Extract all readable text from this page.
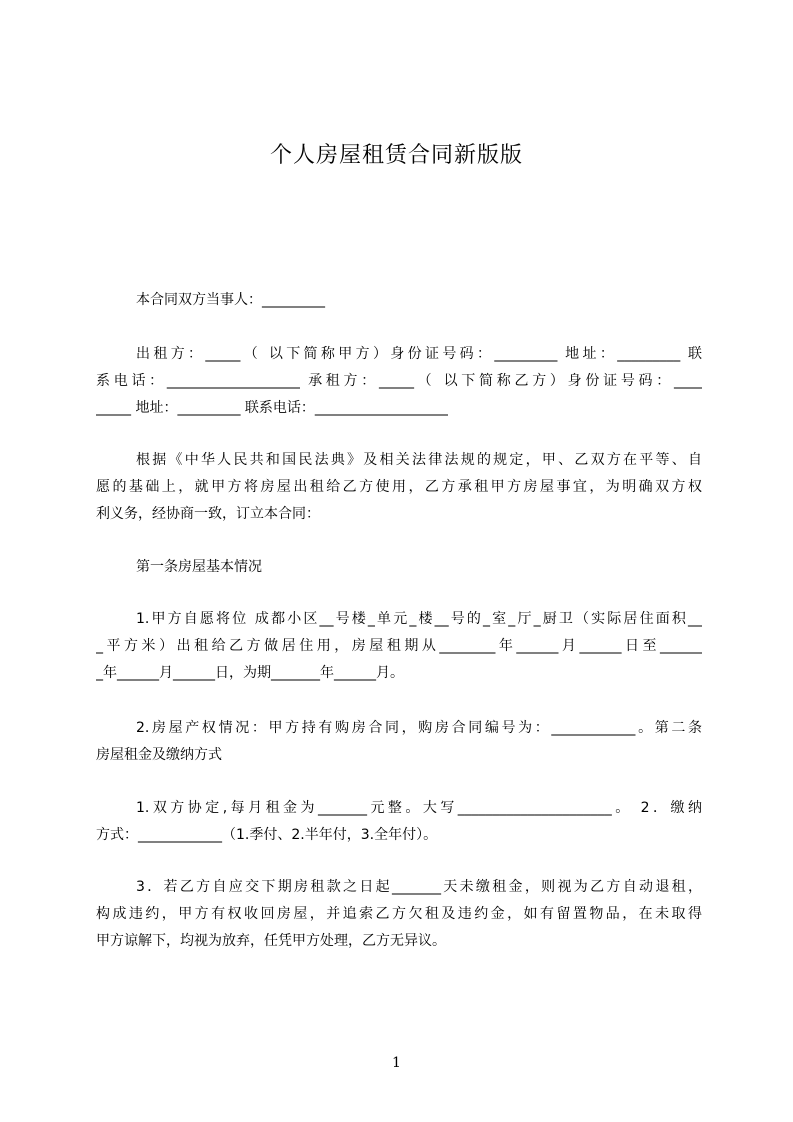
个人房屋租赁合同新版版
本合同双方当事人：_________
出租方：_____（ 以下简称甲方）身份证号码：_________ 地址：_________ 联
系电话：___________________ 承租方：_____（ 以下简称乙方）身份证号码：____
_____ 地址：_________ 联系电话：___________________
根据《中华人民共和国民法典》及相关法律法规的规定，甲、乙双方在平等、自
愿的基础上，就甲方将房屋出租给乙方使用，乙方承租甲方房屋事宜，为明确双方权
利义务，经协商一致，订立本合同：
第一条房屋基本情况
1.甲方自愿将位 成都小区__号楼_单元_楼__号的_室_厅_厨卫（实际居住面积__
_平方米）出租给乙方做居住用，房屋租期从________年______月______日至______
_年______月______日，为期_______年______月。
2.房屋产权情况：甲方持有购房合同，购房合同编号为：____________。第二条
房屋租金及缴纳方式
1.双方协定,每月租金为_______元整。大写______________________。 2．缴纳
方式：____________（1.季付、2.半年付，3.全年付）。
3．若乙方自应交下期房租款之日起_______天未缴租金，则视为乙方自动退租，
构成违约，甲方有权收回房屋，并追索乙方欠租及违约金，如有留置物品，在未取得
甲方谅解下，均视为放弃，任凭甲方处理，乙方无异议。
1
